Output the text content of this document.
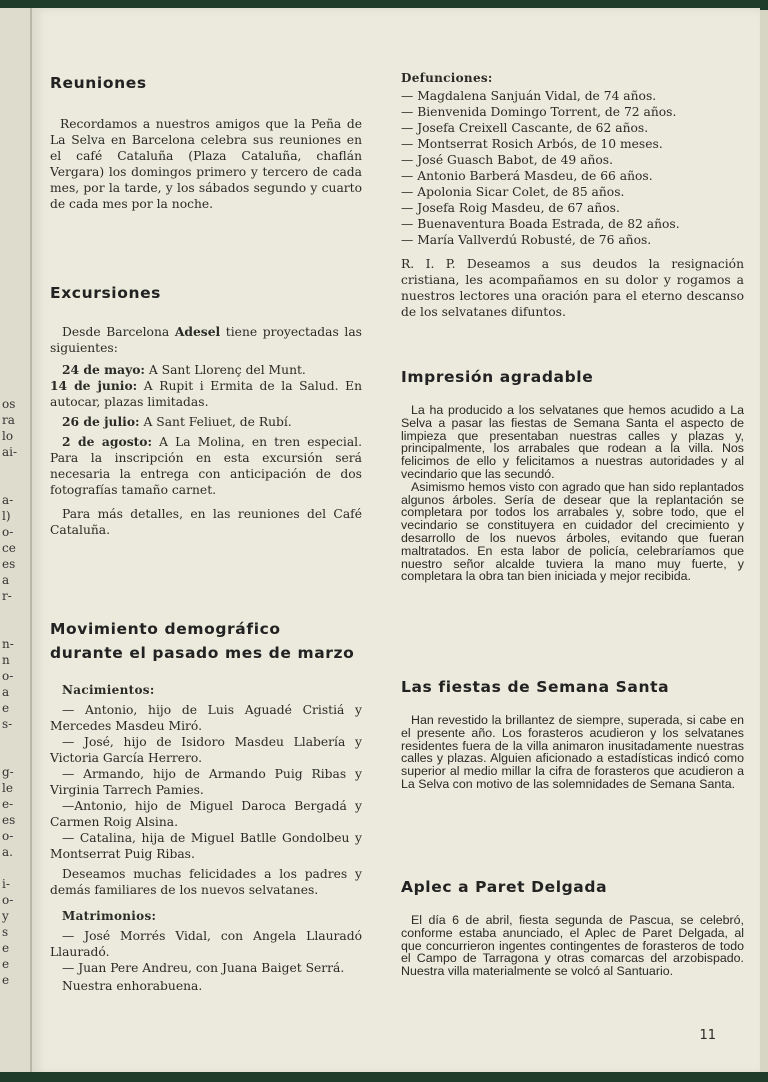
os
ra
lo
ai-
a-
l)
o-
ce
es
a
r-
n-
n
o-
a
e
s-
g-
le
e-
es
o-
a.
i-
o-
y
s
e
e
e
Reuniones

Recordamos a nuestros amigos que la Peña de La Selva en Barcelona celebra sus reuniones en el café Cataluña (Plaza Cataluña, chaflán Vergara) los domingos primero y tercero de cada mes, por la tarde, y los sábados segundo y cuarto de cada mes por la noche.

Excursiones

Desde Barcelona Adesel tiene proyectadas las siguientes:

24 de mayo: A Sant Llorenç del Munt.

14 de junio: A Rupit i Ermita de la Salud. En autocar, plazas limitadas.

26 de julio: A Sant Feliuet, de Rubí.

2 de agosto: A La Molina, en tren especial. Para la inscripción en esta excursión será necesaria la entrega con anticipación de dos fotografías tamaño carnet.

Para más detalles, en las reuniones del Café Cataluña.

Movimiento demográfico
durante el pasado mes de marzo

Nacimientos:

— Antonio, hijo de Luis Aguadé Cristiá y Mercedes Masdeu Miró.

— José, hijo de Isidoro Masdeu Llabería y Victoria García Herrero.

— Armando, hijo de Armando Puig Ribas y Virginia Tarrech Pamies.

—Antonio, hijo de Miguel Daroca Bergadá y Carmen Roig Alsina.

— Catalina, hija de Miguel Batlle Gondolbeu y Montserrat Puig Ribas.

Deseamos muchas felicidades a los padres y demás familiares de los nuevos selvatanes.

Matrimonios:

— José Morrés Vidal, con Angela Llauradó Llauradó.

— Juan Pere Andreu, con Juana Baiget Serrá.

Nuestra enhorabuena.

Defunciones:

— Magdalena Sanjuán Vidal, de 74 años.
— Bienvenida Domingo Torrent, de 72 años.
— Josefa Creixell Cascante, de 62 años.
— Montserrat Rosich Arbós, de 10 meses.
— José Guasch Babot, de 49 años.
— Antonio Barberá Masdeu, de 66 años.
— Apolonia Sicar Colet, de 85 años.
— Josefa Roig Masdeu, de 67 años.
— Buenaventura Boada Estrada, de 82 años.
— María Vallverdú Robusté, de 76 años.

R. I. P. Deseamos a sus deudos la resignación cristiana, les acompañamos en su dolor y rogamos a nuestros lectores una oración para el eterno descanso de los selvatanes difuntos.

Impresión agradable

La ha producido a los selvatanes que hemos acudido a La Selva a pasar las fiestas de Semana Santa el aspecto de limpieza que presentaban nuestras calles y plazas y, principalmente, los arrabales que rodean a la villa. Nos felicimos de ello y felicitamos a nuestras autoridades y al vecindario que las secundó.

Asimismo hemos visto con agrado que han sido replantados algunos árboles. Sería de desear que la replantación se completara por todos los arrabales y, sobre todo, que el vecindario se constituyera en cuidador del crecimiento y desarrollo de los nuevos árboles, evitando que fueran maltratados. En esta labor de policía, celebraríamos que nuestro señor alcalde tuviera la mano muy fuerte, y completara la obra tan bien iniciada y mejor recibida.

Las fiestas de Semana Santa

Han revestido la brillantez de siempre, superada, si cabe en el presente año. Los forasteros acudieron y los selvatanes residentes fuera de la villa animaron inusitadamente nuestras calles y plazas. Alguien aficionado a estadísticas indicó como superior al medio millar la cifra de forasteros que acudieron a La Selva con motivo de las solemnidades de Semana Santa.

Aplec a Paret Delgada

El día 6 de abril, fiesta segunda de Pascua, se celebró, conforme estaba anunciado, el Aplec de Paret Delgada, al que concurrieron ingentes contingentes de forasteros de todo el Campo de Tarragona y otras comarcas del arzobispado. Nuestra villa materialmente se volcó al Santuario.

11
